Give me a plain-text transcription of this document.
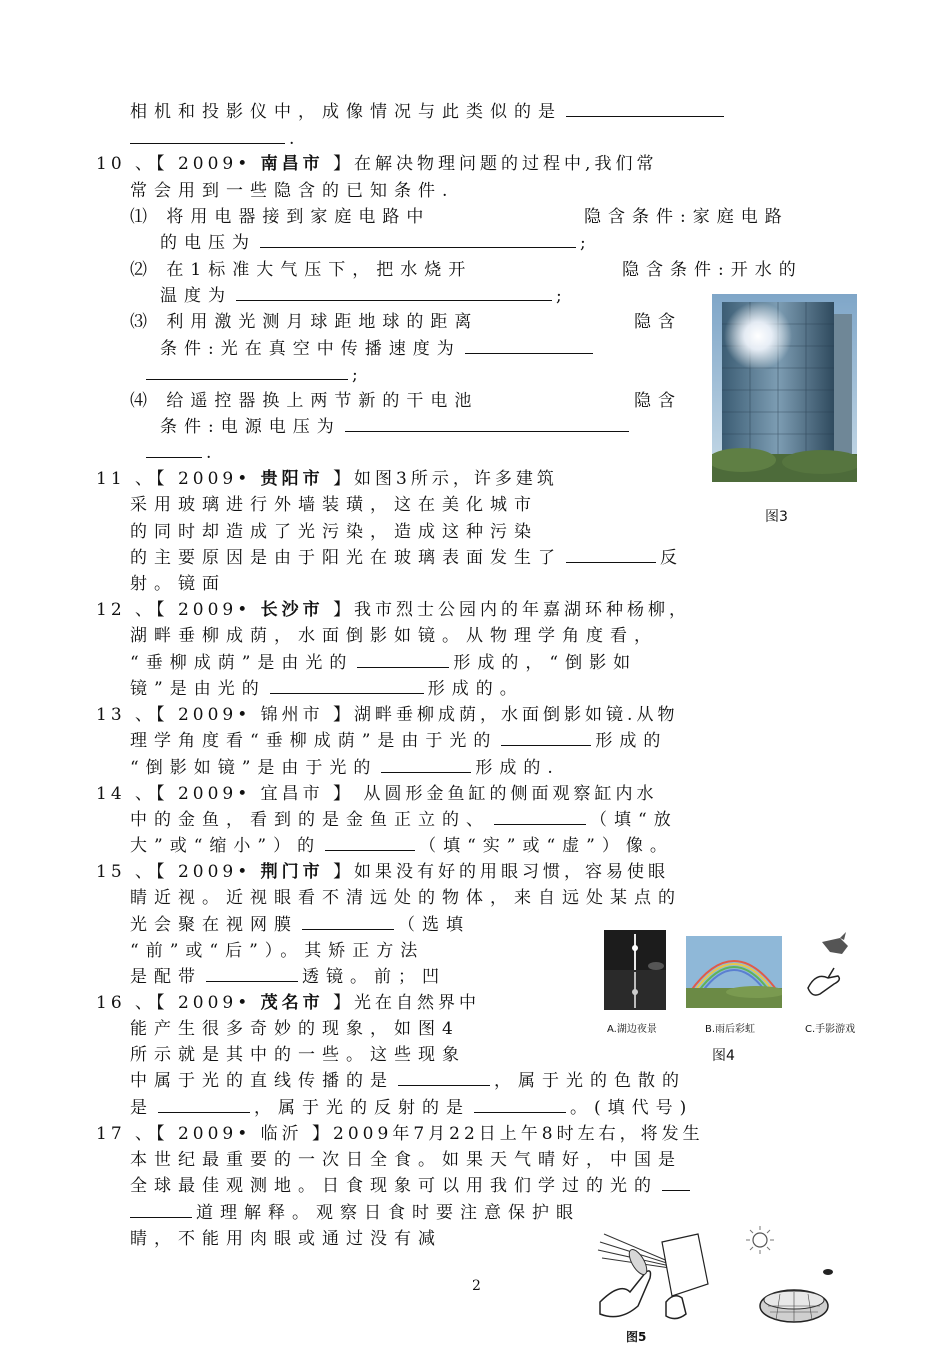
相机和投影仪中，成像情况与此类似的是
.
10 、【 2009• 南昌市 】在解决物理问题的过程中,我们常
常会用到一些隐含的已知条件.
⑴ 将用电器接到家庭电路中	隐含条件:家庭电路
的电压为	;
⑵ 在1标准大气压下，把水烧开	隐含条件:开水的
温度为	;
⑶ 利用激光测月球距地球的距离	隐含
条件:光在真空中传播速度为
;
⑷ 给遥控器换上两节新的干电池	隐含
条件:电源电压为
.
图3
11 、【 2009• 贵阳市 】如图3所示，许多建筑
采用玻璃进行外墙装璜，这在美化城市
的同时却造成了光污染，造成这种污染
的主要原因是由于阳光在玻璃表面发生了	反
射。镜面
12 、【 2009• 长沙市 】我市烈士公园内的年嘉湖环种杨柳，
湖畔垂柳成荫，水面倒影如镜。从物理学角度看，
“垂柳成荫”是由光的	形成的，“倒影如
镜”是由光的	形成的。
13 、【 2009• 锦州市 】湖畔垂柳成荫，水面倒影如镜.从物
理学角度看“垂柳成荫”是由于光的	形成的
“倒影如镜”是由于光的	形成的.
14 、【 2009• 宜昌市 】 从圆形金鱼缸的侧面观察缸内水
中的金鱼，看到的是金鱼正立的、	（填“放
大”或“缩小”）的	（填“实”或“虚”）像。
15 、【 2009• 荆门市 】如果没有好的用眼习惯，容易使眼
睛近视。近视眼看不清远处的物体，来自远处某点的
光会聚在视网膜	（选填
“前”或“后”）。其矫正方法
是配带	透镜。前；凹
A.湖边夜景	B.雨后彩虹	C.手影游戏
图4
16 、【 2009• 茂名市 】光在自然界中
能产生很多奇妙的现象，如图4
所示就是其中的一些。这些现象
中属于光的直线传播的是	，属于光的色散的
是	，属于光的反射的是	。(填代号)
17 、【 2009• 临沂 】2009年7月22日上午8时左右，将发生
本世纪最重要的一次日全食。如果天气晴好，中国是
全球最佳观测地。日食现象可以用我们学过的光的
道理解释。观察日食时要注意保护眼
睛，不能用肉眼或通过没有减
图5
2
